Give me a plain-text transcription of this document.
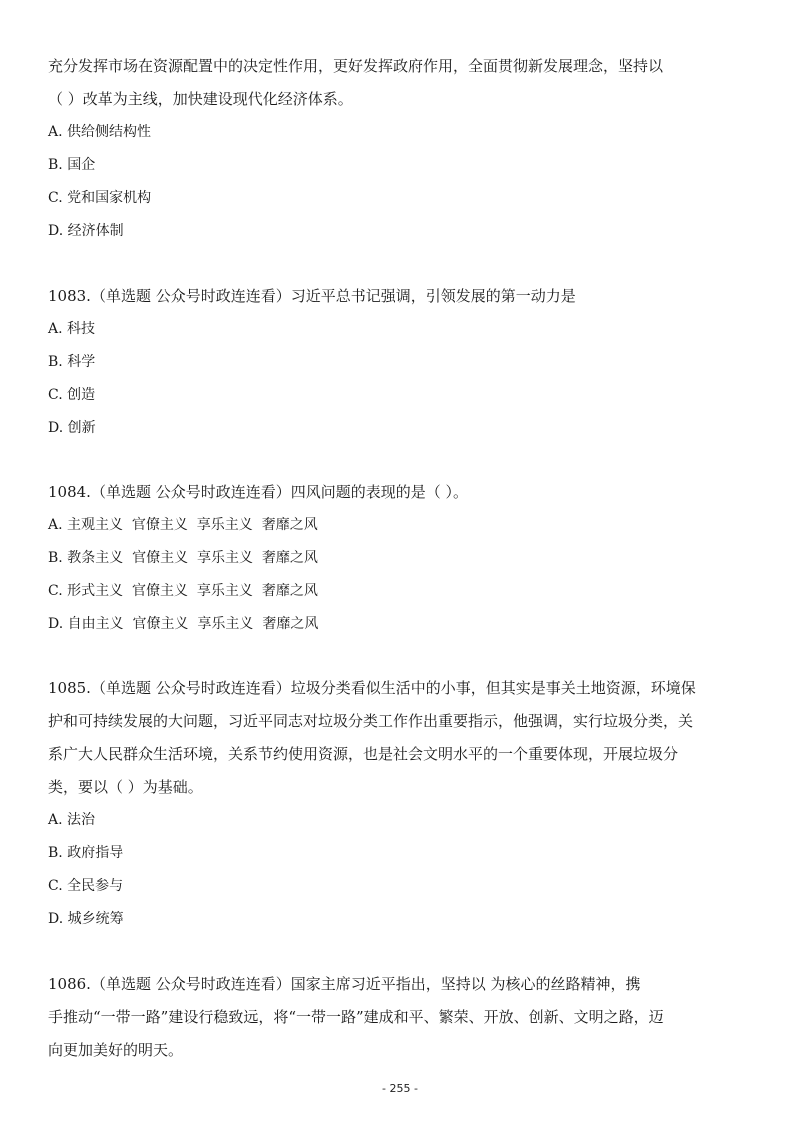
充分发挥市场在资源配置中的决定性作用，更好发挥政府作用，全面贯彻新发展理念，坚持以

（ ）改革为主线，加快建设现代化经济体系。

A. 供给侧结构性

B. 国企

C. 党和国家机构

D. 经济体制

1083.（单选题 公众号时政连连看）习近平总书记强调，引领发展的第一动力是

A. 科技

B. 科学

C. 创造

D. 创新

1084.（单选题 公众号时政连连看）四风问题的表现的是（ ）。

A. 主观主义  官僚主义  享乐主义  奢靡之风

B. 教条主义  官僚主义  享乐主义  奢靡之风

C. 形式主义  官僚主义  享乐主义  奢靡之风

D. 自由主义  官僚主义  享乐主义  奢靡之风

1085.（单选题 公众号时政连连看）垃圾分类看似生活中的小事，但其实是事关土地资源，环境保

护和可持续发展的大问题，习近平同志对垃圾分类工作作出重要指示，他强调，实行垃圾分类，关

系广大人民群众生活环境，关系节约使用资源，也是社会文明水平的一个重要体现，开展垃圾分

类，要以（ ）为基础。

A. 法治

B. 政府指导

C. 全民参与

D. 城乡统筹

1086.（单选题 公众号时政连连看）国家主席习近平指出，坚持以 为核心的丝路精神，携

手推动“一带一路”建设行稳致远，将“一带一路”建成和平、繁荣、开放、创新、文明之路，迈

向更加美好的明天。

- 255 -
